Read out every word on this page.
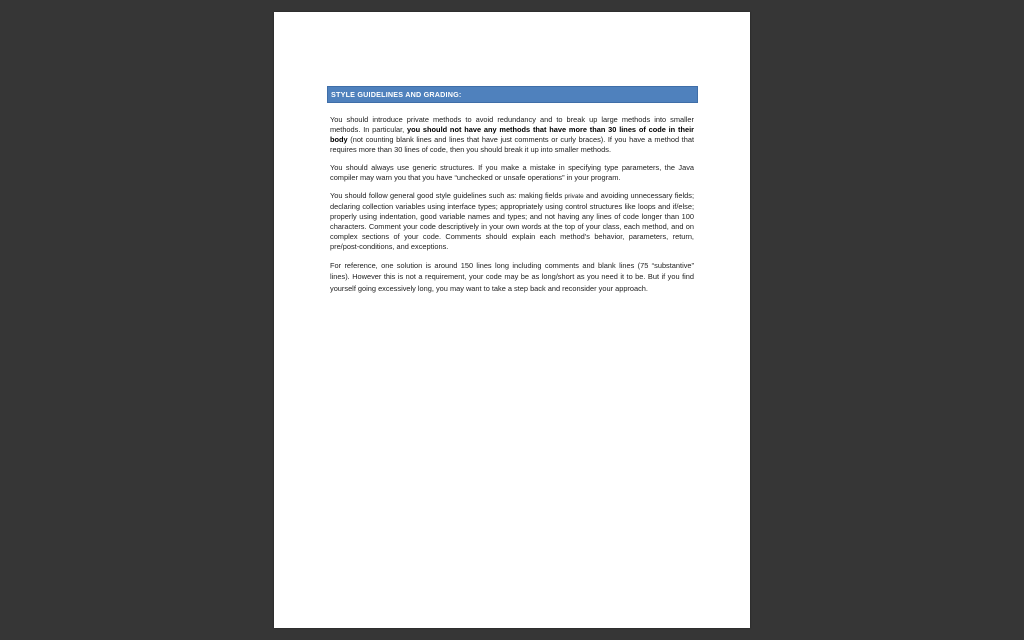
STYLE GUIDELINES AND GRADING:

You should introduce private methods to avoid redundancy and to break up large methods into smaller methods. In particular, you should not have any methods that have more than 30 lines of code in their body (not counting blank lines and lines that have just comments or curly braces). If you have a method that requires more than 30 lines of code, then you should break it up into smaller methods.

You should always use generic structures. If you make a mistake in specifying type parameters, the Java compiler may warn you that you have “unchecked or unsafe operations” in your program.

You should follow general good style guidelines such as: making fields private and avoiding unnecessary fields; declaring collection variables using interface types; appropriately using control structures like loops and if/else; properly using indentation, good variable names and types; and not having any lines of code longer than 100 characters. Comment your code descriptively in your own words at the top of your class, each method, and on complex sections of your code. Comments should explain each method's behavior, parameters, return, pre/post-conditions, and exceptions.

For reference, one solution is around 150 lines long including comments and blank lines (75 “substantive” lines). However this is not a requirement, your code may be as long/short as you need it to be. But if you find yourself going excessively long, you may want to take a step back and reconsider your approach.
